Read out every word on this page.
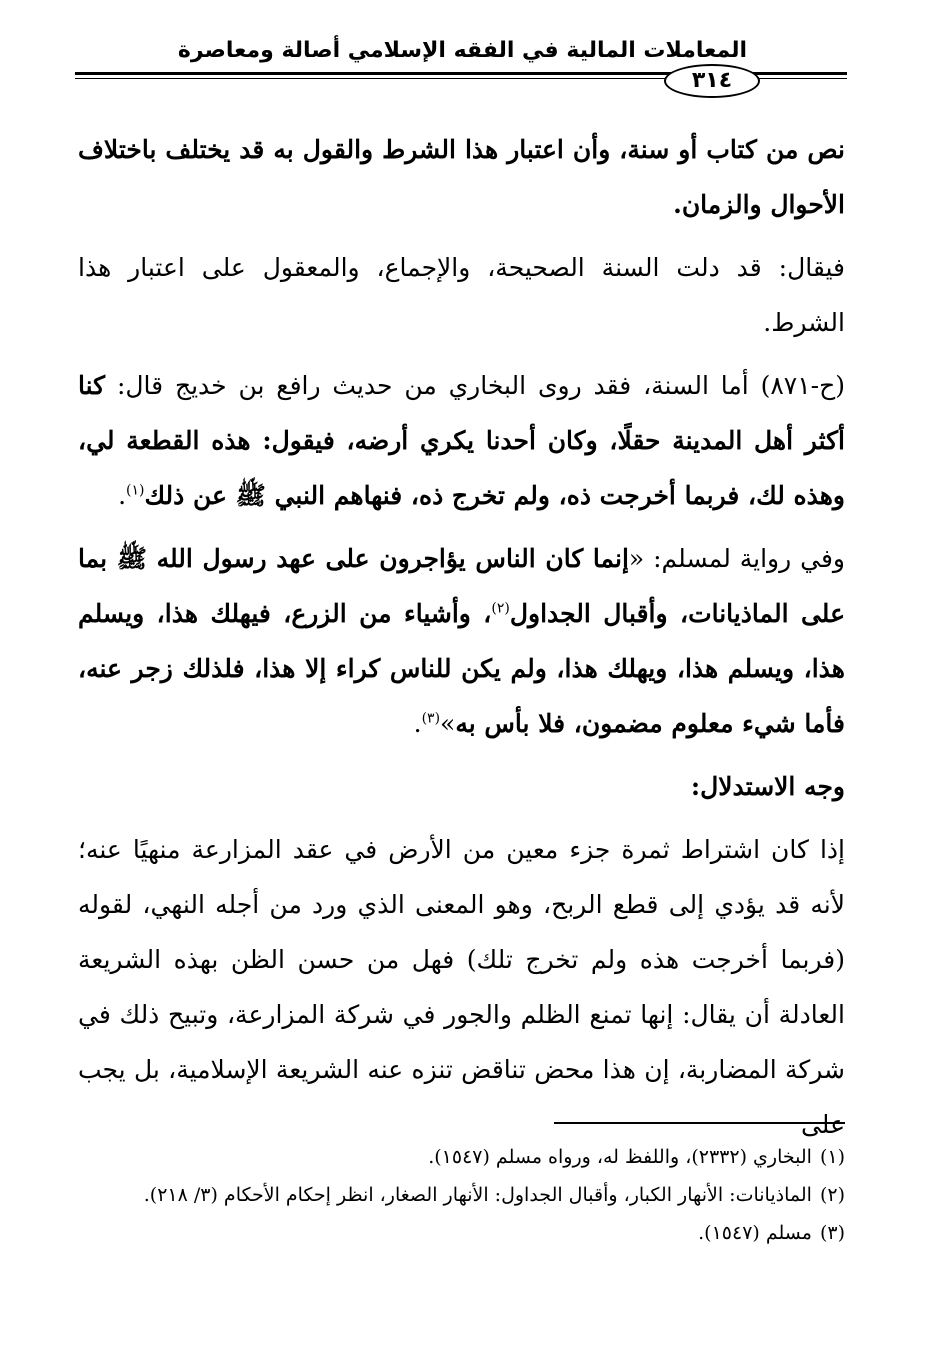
المعاملات المالية في الفقه الإسلامي أصالة ومعاصرة
٣١٤

نص من كتاب أو سنة، وأن اعتبار هذا الشرط والقول به قد يختلف باختلاف الأحوال والزمان.

فيقال: قد دلت السنة الصحيحة، والإجماع، والمعقول على اعتبار هذا الشرط.

(ح-٨٧١) أما السنة، فقد روى البخاري من حديث رافع بن خديج قال: كنا أكثر أهل المدينة حقلًا، وكان أحدنا يكري أرضه، فيقول: هذه القطعة لي، وهذه لك، فربما أخرجت ذه، ولم تخرج ذه، فنهاهم النبي ﷺ عن ذلك$^{(١)}$.

وفي رواية لمسلم: «إنما كان الناس يؤاجرون على عهد رسول الله ﷺ بما على الماذيانات، وأقبال الجداول$^{(٢)}$، وأشياء من الزرع، فيهلك هذا، ويسلم هذا، ويسلم هذا، ويهلك هذا، ولم يكن للناس كراء إلا هذا، فلذلك زجر عنه، فأما شيء معلوم مضمون، فلا بأس به»$^{(٣)}$.

وجه الاستدلال:

إذا كان اشتراط ثمرة جزء معين من الأرض في عقد المزارعة منهيًا عنه؛ لأنه قد يؤدي إلى قطع الربح، وهو المعنى الذي ورد من أجله النهي، لقوله (فربما أخرجت هذه ولم تخرج تلك) فهل من حسن الظن بهذه الشريعة العادلة أن يقال: إنها تمنع الظلم والجور في شركة المزارعة، وتبيح ذلك في شركة المضاربة، إن هذا محض تناقض تنزه عنه الشريعة الإسلامية، بل يجب على

(١)البخاري (٢٣٣٢)، واللفظ له، ورواه مسلم (١٥٤٧).

(٢)الماذيانات: الأنهار الكبار، وأقبال الجداول: الأنهار الصغار، انظر إحكام الأحكام (٣/ ٢١٨).

(٣)مسلم (١٥٤٧).
